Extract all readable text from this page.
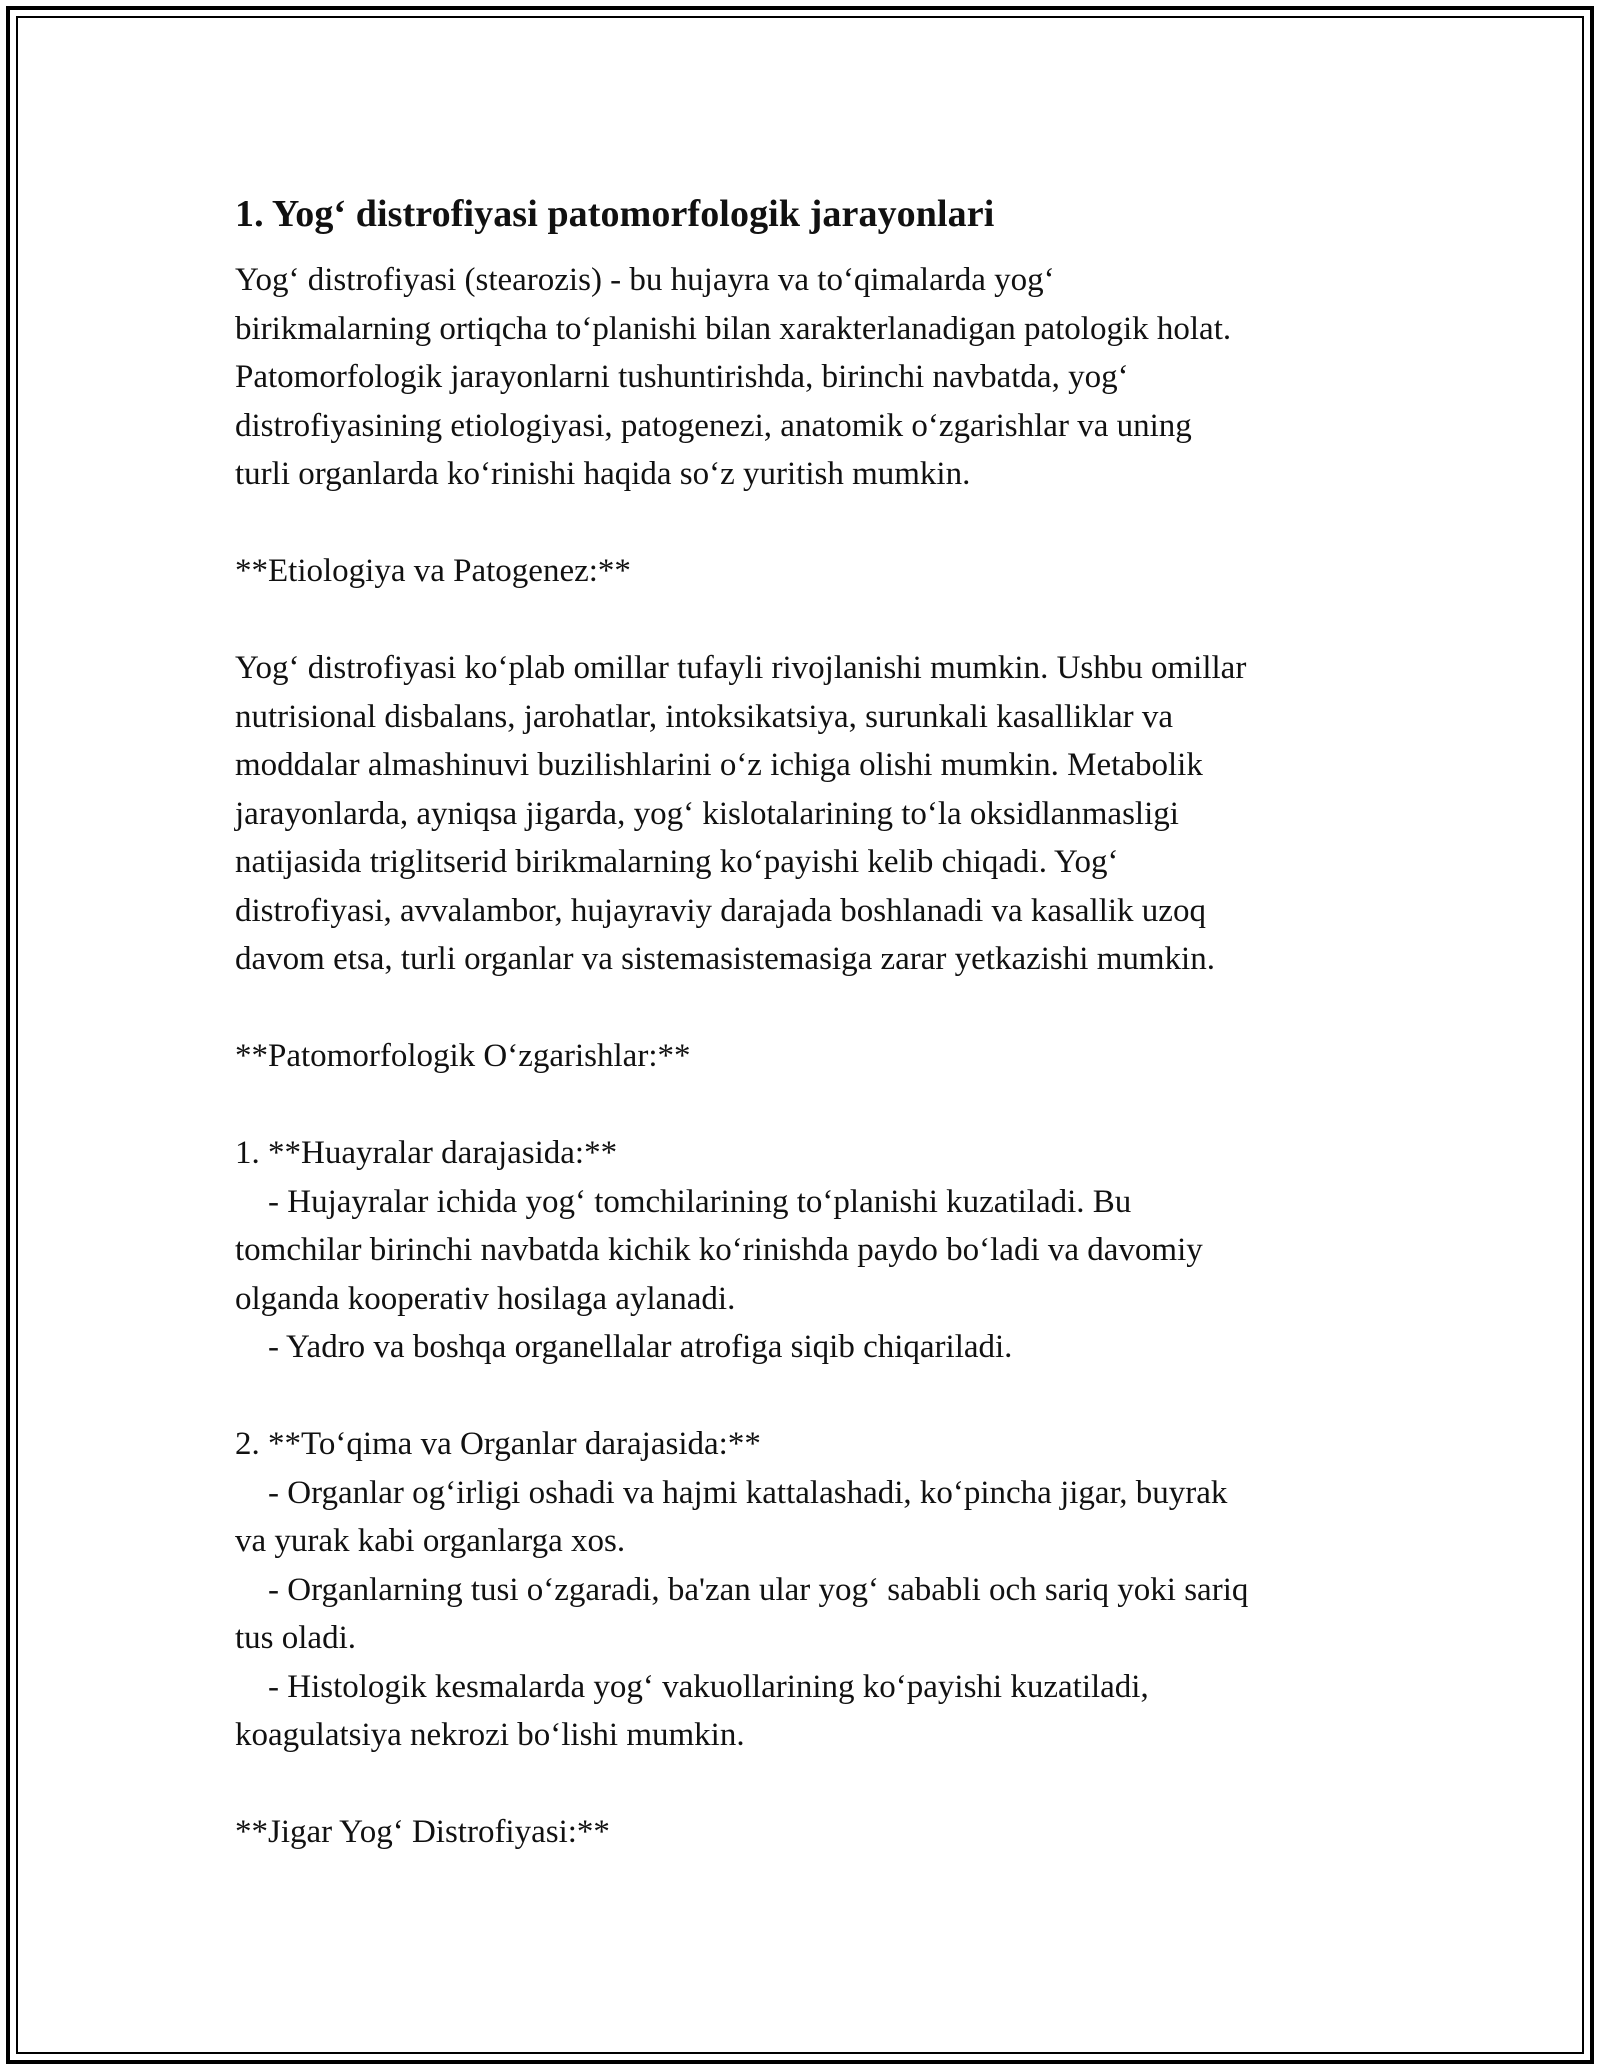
1. Yog‘ distrofiyasi patomorfologik jarayonlari

Yog‘ distrofiyasi (stearozis) - bu hujayra va to‘qimalarda yog‘
birikmalarning ortiqcha to‘planishi bilan xarakterlanadigan patologik holat.
Patomorfologik jarayonlarni tushuntirishda, birinchi navbatda, yog‘
distrofiyasining etiologiyasi, patogenezi, anatomik o‘zgarishlar va uning
turli organlarda ko‘rinishi haqida so‘z yuritish mumkin.

**Etiologiya va Patogenez:**

Yog‘ distrofiyasi ko‘plab omillar tufayli rivojlanishi mumkin. Ushbu omillar
nutrisional disbalans, jarohatlar, intoksikatsiya, surunkali kasalliklar va
moddalar almashinuvi buzilishlarini o‘z ichiga olishi mumkin. Metabolik
jarayonlarda, ayniqsa jigarda, yog‘ kislotalarining to‘la oksidlanmasligi
natijasida triglitserid birikmalarning ko‘payishi kelib chiqadi. Yog‘
distrofiyasi, avvalambor, hujayraviy darajada boshlanadi va kasallik uzoq
davom etsa, turli organlar va sistemasistemasiga zarar yetkazishi mumkin.

**Patomorfologik O‘zgarishlar:**

1. **Huayralar darajasida:**
- Hujayralar ichida yog‘ tomchilarining to‘planishi kuzatiladi. Bu
tomchilar birinchi navbatda kichik ko‘rinishda paydo bo‘ladi va davomiy
olganda kooperativ hosilaga aylanadi.
- Yadro va boshqa organellalar atrofiga siqib chiqariladi.

2. **To‘qima va Organlar darajasida:**
- Organlar og‘irligi oshadi va hajmi kattalashadi, ko‘pincha jigar, buyrak
va yurak kabi organlarga xos.
- Organlarning tusi o‘zgaradi, ba'zan ular yog‘ sababli och sariq yoki sariq
tus oladi.
- Histologik kesmalarda yog‘ vakuollarining ko‘payishi kuzatiladi,
koagulatsiya nekrozi bo‘lishi mumkin.

**Jigar Yog‘ Distrofiyasi:**
